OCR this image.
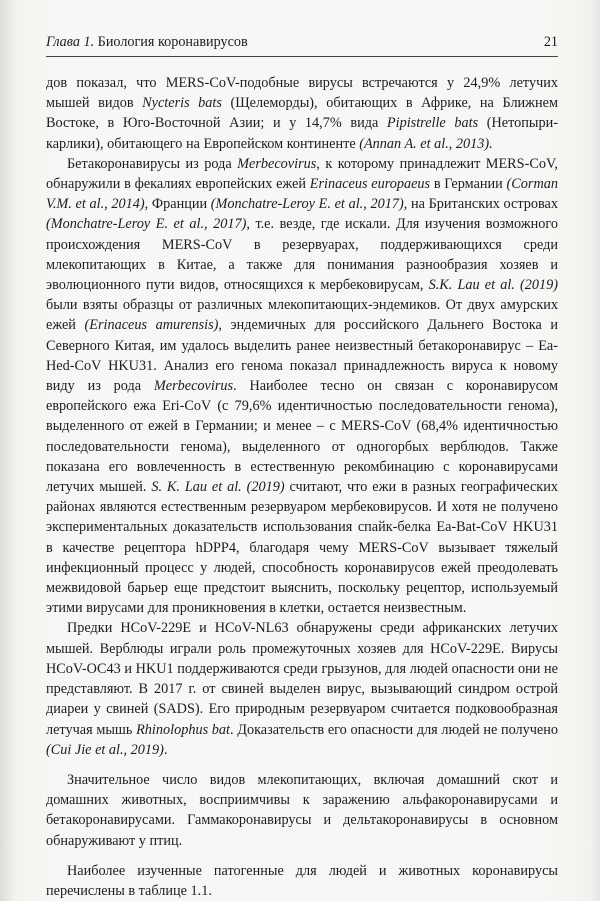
Глава 1. Биология коронавирусов	21

дов показал, что MERS-CoV-подобные вирусы встречаются у 24,9% летучих мышей видов Nycteris bats (Щелеморды), обитающих в Африке, на Ближнем Востоке, в Юго-Восточной Азии; и у 14,7% вида Pipistrelle bats (Нетопыри-карлики), обитающего на Европейском континенте (Annan A. et al., 2013).

Бетакоронавирусы из рода Merbecovirus, к которому принадлежит MERS-CoV, обнаружили в фекалиях европейских ежей Erinaceus europaeus в Германии (Corman V.M. et al., 2014), Франции (Monchatre-Leroy E. et al., 2017), на Британских островах (Monchatre-Leroy E. et al., 2017), т.е. везде, где искали. Для изучения возможного происхождения MERS-CoV в резервуарах, поддерживающихся среди млекопитающих в Китае, а также для понимания разнообразия хозяев и эволюционного пути видов, относящихся к мербековирусам, S.K. Lau et al. (2019) были взяты образцы от различных млекопитающих-эндемиков. От двух амурских ежей (Erinaceus amurensis), эндемичных для российского Дальнего Востока и Северного Китая, им удалось выделить ранее неизвестный бетакоронавирус – Ea-Hed-CoV HKU31. Анализ его генома показал принадлежность вируса к новому виду из рода Merbecovirus. Наиболее тесно он связан с коронавирусом европейского ежа Eri-CoV (с 79,6% идентичностью последовательности генома), выделенного от ежей в Германии; и менее – с MERS-CoV (68,4% идентичностью последовательности генома), выделенного от одногорбых верблюдов. Также показана его вовлеченность в естественную рекомбинацию с коронавирусами летучих мышей. S. K. Lau et al. (2019) считают, что ежи в разных географических районах являются естественным резервуаром мербековирусов. И хотя не получено экспериментальных доказательств использования спайк-белка Ea-Bat-CoV HKU31 в качестве рецептора hDPP4, благодаря чему MERS-CoV вызывает тяжелый инфекционный процесс у людей, способность коронавирусов ежей преодолевать межвидовой барьер еще предстоит выяснить, поскольку рецептор, используемый этими вирусами для проникновения в клетки, остается неизвестным.

Предки HCoV-229E и HCoV-NL63 обнаружены среди африканских летучих мышей. Верблюды играли роль промежуточных хозяев для HCoV-229E. Вирусы HCoV-OC43 и HKU1 поддерживаются среди грызунов, для людей опасности они не представляют. В 2017 г. от свиней выделен вирус, вызывающий синдром острой диареи у свиней (SADS). Его природным резервуаром считается подковообразная летучая мышь Rhinolophus bat. Доказательств его опасности для людей не получено (Cui Jie et al., 2019).

Значительное число видов млекопитающих, включая домашний скот и домашних животных, восприимчивы к заражению альфакоронавирусами и бетакоронавирусами. Гаммакоронавирусы и дельтакоронавирусы в основном обнаруживают у птиц.

Наиболее изученные патогенные для людей и животных коронавирусы перечислены в таблице 1.1.
